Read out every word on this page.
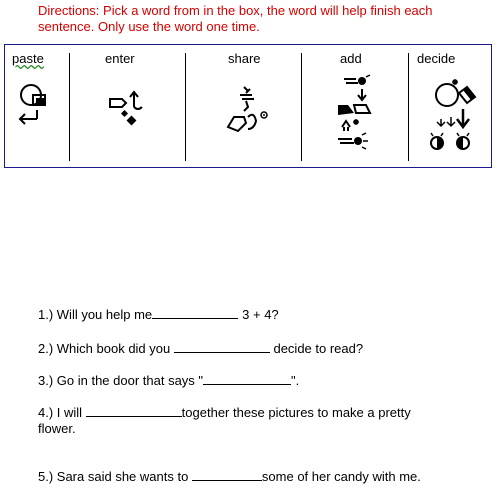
Directions: Pick a word from in the box, the word will help finish each
sentence. Only use the word one time.
paste	enter	share	add	decide
1.) Will you help me	3 + 4?
2.) Which book did you	decide to read?
3.) Go in the door that says "	".
4.) I will	together these pictures to make a pretty
flower.
5.) Sara said she wants to	some of her candy with me.
